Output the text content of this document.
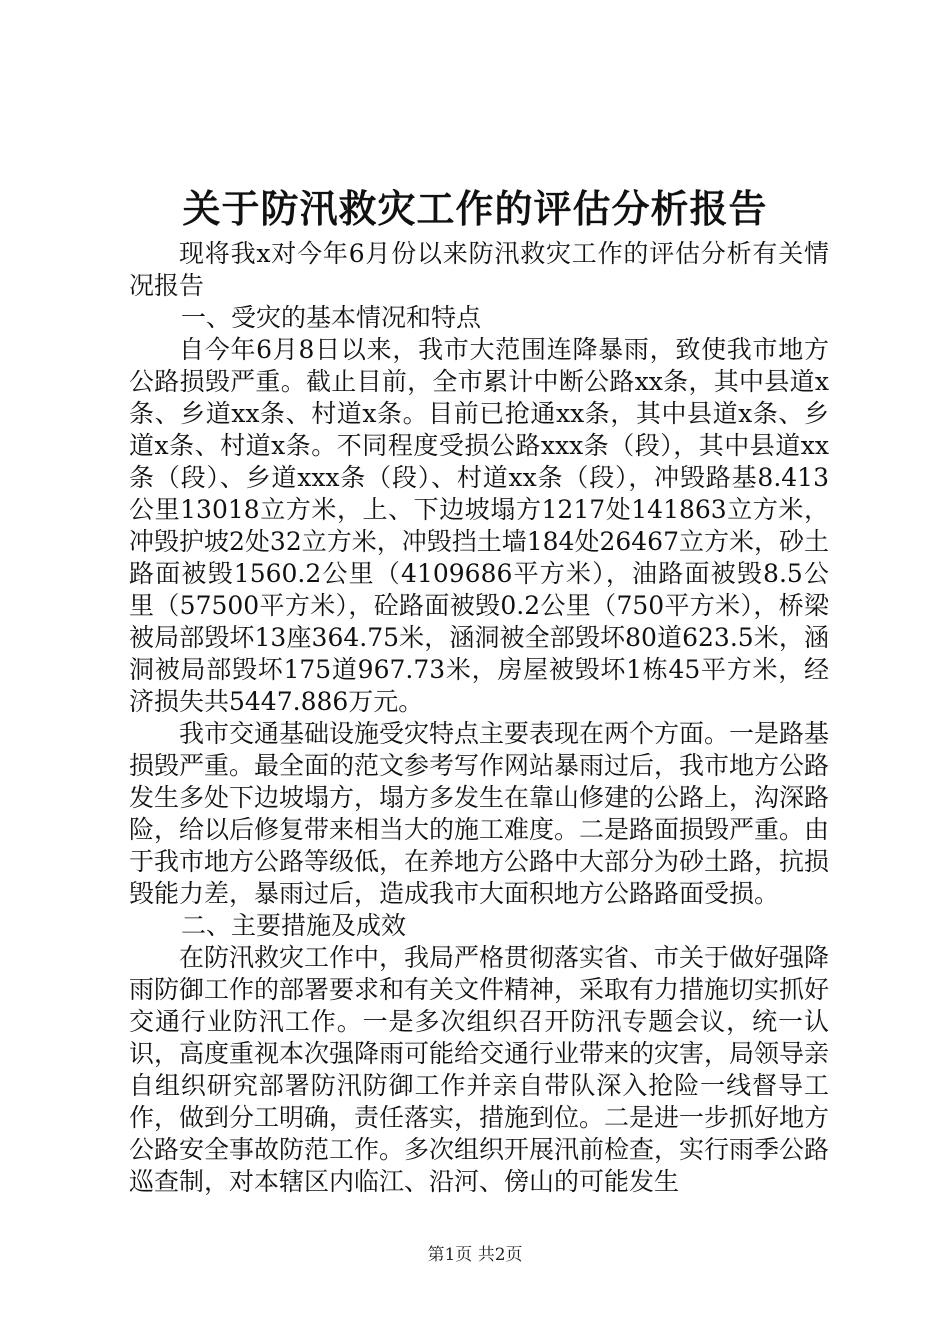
关于防汛救灾工作的评估分析报告

现将我x对今年6月份以来防汛救灾工作的评估分析有关情况报告

一、受灾的基本情况和特点

自今年6月8日以来，我市大范围连降暴雨，致使我市地方公路损毁严重。截止目前，全市累计中断公路xx条，其中县道x条、乡道xx条、村道x条。目前已抢通xx条，其中县道x条、乡道x条、村道x条。不同程度受损公路xxx条（段），其中县道xx条（段）、乡道xxx条（段）、村道xx条（段），冲毁路基8.413公里13018立方米，上、下边坡塌方1217处141863立方米，冲毁护坡2处32立方米，冲毁挡土墙184处26467立方米，砂土路面被毁1560.2公里（4109686平方米），油路面被毁8.5公里（57500平方米），砼路面被毁0.2公里（750平方米），桥梁被局部毁坏13座364.75米，涵洞被全部毁坏80道623.5米，涵洞被局部毁坏175道967.73米，房屋被毁坏1栋45平方米，经济损失共5447.886万元。

我市交通基础设施受灾特点主要表现在两个方面。一是路基损毁严重。最全面的范文参考写作网站暴雨过后，我市地方公路发生多处下边坡塌方，塌方多发生在靠山修建的公路上，沟深路险，给以后修复带来相当大的施工难度。二是路面损毁严重。由于我市地方公路等级低，在养地方公路中大部分为砂土路，抗损毁能力差，暴雨过后，造成我市大面积地方公路路面受损。

二、主要措施及成效

在防汛救灾工作中，我局严格贯彻落实省、市关于做好强降雨防御工作的部署要求和有关文件精神，采取有力措施切实抓好交通行业防汛工作。一是多次组织召开防汛专题会议，统一认识，高度重视本次强降雨可能给交通行业带来的灾害，局领导亲自组织研究部署防汛防御工作并亲自带队深入抢险一线督导工作，做到分工明确，责任落实，措施到位。二是进一步抓好地方公路安全事故防范工作。多次组织开展汛前检查，实行雨季公路巡查制，对本辖区内临江、沿河、傍山的可能发生

第1页 共2页
